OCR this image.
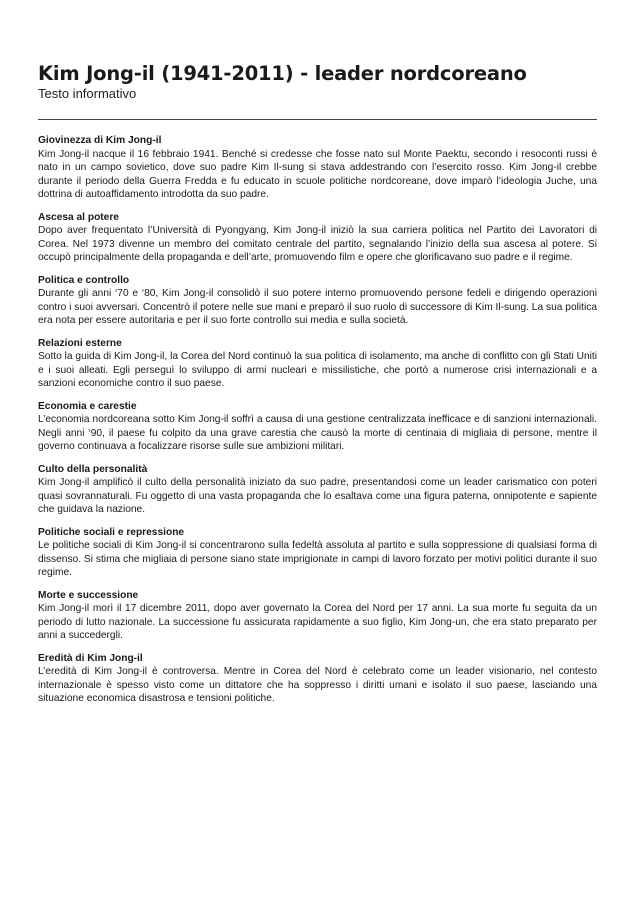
Kim Jong-il (1941-2011) - leader nordcoreano
Testo informativo
Giovinezza di Kim Jong-il

Kim Jong-il nacque il 16 febbraio 1941. Benché si credesse che fosse nato sul Monte Paektu, secondo i resoconti russi è nato in un campo sovietico, dove suo padre Kim Il-sung si stava addestrando con l’esercito rosso. Kim Jong-il crebbe durante il periodo della Guerra Fredda e fu educato in scuole politiche nordcoreane, dove imparò l’ideologia Juche, una dottrina di autoaffidamento introdotta da suo padre.

Ascesa al potere

Dopo aver frequentato l’Università di Pyongyang, Kim Jong-il iniziò la sua carriera politica nel Partito dei Lavoratori di Corea. Nel 1973 divenne un membro del comitato centrale del partito, segnalando l’inizio della sua ascesa al potere. Si occupò principalmente della propaganda e dell’arte, promuovendo film e opere che glorificavano suo padre e il regime.

Politica e controllo

Durante gli anni ‘70 e ‘80, Kim Jong-il consolidò il suo potere interno promuovendo persone fedeli e dirigendo operazioni contro i suoi avversari. Concentrò il potere nelle sue mani e preparò il suo ruolo di successore di Kim Il-sung. La sua politica era nota per essere autoritaria e per il suo forte controllo sui media e sulla società.

Relazioni esterne

Sotto la guida di Kim Jong-il, la Corea del Nord continuò la sua politica di isolamento, ma anche di conflitto con gli Stati Uniti e i suoi alleati. Egli perseguì lo sviluppo di armi nucleari e missilistiche, che portò a numerose crisi internazionali e a sanzioni economiche contro il suo paese.

Economia e carestie

L’economia nordcoreana sotto Kim Jong-il soffrì a causa di una gestione centralizzata inefficace e di sanzioni internazionali. Negli anni ‘90, il paese fu colpito da una grave carestia che causò la morte di centinaia di migliaia di persone, mentre il governo continuava a focalizzare risorse sulle sue ambizioni militari.

Culto della personalità

Kim Jong-il amplificò il culto della personalità iniziato da suo padre, presentandosi come un leader carismatico con poteri quasi sovrannaturali. Fu oggetto di una vasta propaganda che lo esaltava come una figura paterna, onnipotente e sapiente che guidava la nazione.

Politiche sociali e repressione

Le politiche sociali di Kim Jong-il si concentrarono sulla fedeltà assoluta al partito e sulla soppressione di qualsiasi forma di dissenso. Si stima che migliaia di persone siano state imprigionate in campi di lavoro forzato per motivi politici durante il suo regime.

Morte e successione

Kim Jong-il morì il 17 dicembre 2011, dopo aver governato la Corea del Nord per 17 anni. La sua morte fu seguita da un periodo di lutto nazionale. La successione fu assicurata rapidamente a suo figlio, Kim Jong-un, che era stato preparato per anni a succedergli.

Eredità di Kim Jong-il

L’eredità di Kim Jong-il è controversa. Mentre in Corea del Nord è celebrato come un leader visionario, nel contesto internazionale è spesso visto come un dittatore che ha soppresso i diritti umani e isolato il suo paese, lasciando una situazione economica disastrosa e tensioni politiche.
